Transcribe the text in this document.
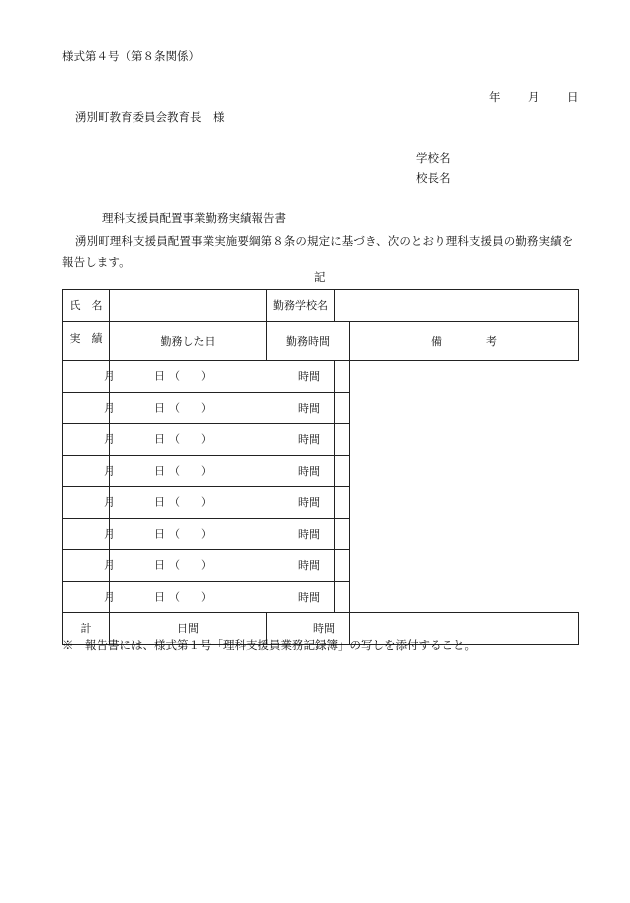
様式第４号（第８条関係）
年 月 日
湧別町教育委員会教育長　様
学校名
校長名
理科支援員配置事業勤務実績報告書
湧別町理科支援員配置事業実施要綱第８条の規定に基づき、次のとおり理科支援員の勤務実績を報告します。
記
氏　名		勤務学校名		
実　績	勤務した日	勤務時間		備　　　　考

月 日 （ ）	時間			

月 日 （ ）	時間			

月 日 （ ）	時間			

月 日 （ ）	時間			

月 日 （ ）	時間			

月 日 （ ）	時間			

月 日 （ ）	時間			

月 日 （ ）	時間			
計	日間	時間		
※　報告書には、様式第１号「理科支援員業務記録簿」の写しを添付すること。
